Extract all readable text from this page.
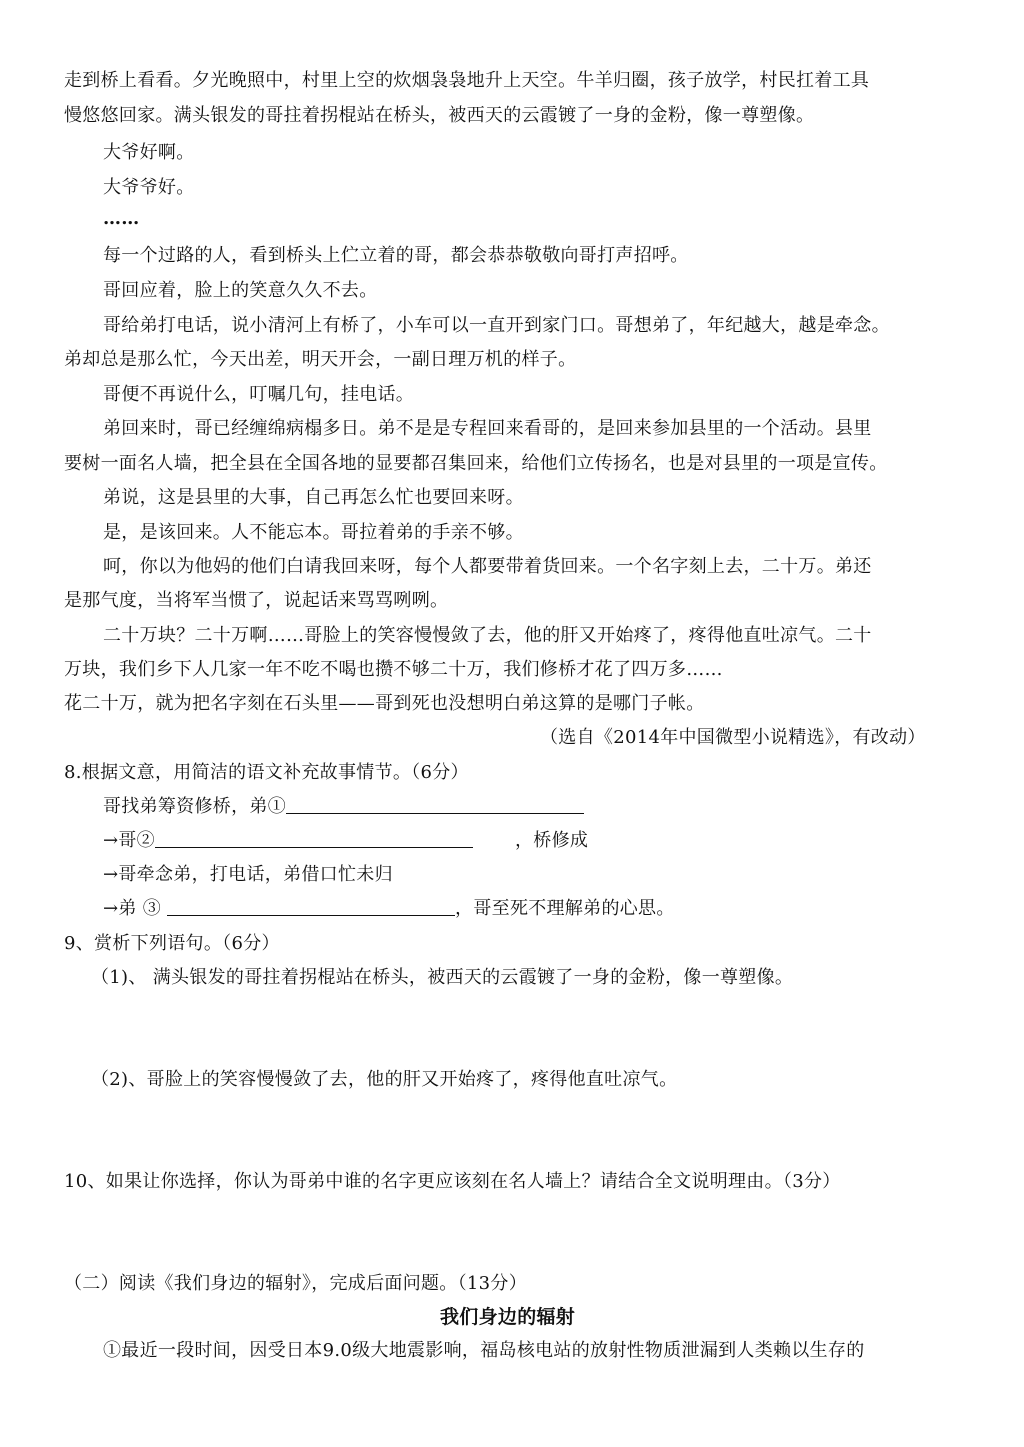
走到桥上看看。夕光晚照中，村里上空的炊烟袅袅地升上天空。牛羊归圈，孩子放学，村民扛着工具
慢悠悠回家。满头银发的哥拄着拐棍站在桥头，被西天的云霞镀了一身的金粉，像一尊塑像。
大爷好啊。
大爷爷好。
……
每一个过路的人，看到桥头上伫立着的哥，都会恭恭敬敬向哥打声招呼。
哥回应着，脸上的笑意久久不去。
哥给弟打电话，说小清河上有桥了，小车可以一直开到家门口。哥想弟了，年纪越大，越是牵念。
弟却总是那么忙，今天出差，明天开会，一副日理万机的样子。
哥便不再说什么，叮嘱几句，挂电话。
弟回来时，哥已经缠绵病榻多日。弟不是是专程回来看哥的，是回来参加县里的一个活动。县里
要树一面名人墙，把全县在全国各地的显要都召集回来，给他们立传扬名，也是对县里的一项是宣传。
弟说，这是县里的大事，自己再怎么忙也要回来呀。
是，是该回来。人不能忘本。哥拉着弟的手亲不够。
呵，你以为他妈的他们白请我回来呀，每个人都要带着货回来。一个名字刻上去，二十万。弟还
是那气度，当将军当惯了，说起话来骂骂咧咧。
二十万块？二十万啊……哥脸上的笑容慢慢敛了去，他的肝又开始疼了，疼得他直吐凉气。二十
万块，我们乡下人几家一年不吃不喝也攒不够二十万，我们修桥才花了四万多……
花二十万，就为把名字刻在石头里——哥到死也没想明白弟这算的是哪门子帐。
（选自《2014年中国微型小说精选》，有改动）
8.根据文意，用简洁的语文补充故事情节。（6分）
哥找弟筹资修桥，弟①
→哥②	，桥修成
→哥牵念弟，打电话，弟借口忙未归
→弟 ③	，哥至死不理解弟的心思。
9、赏析下列语句。（6分）
（1)、 满头银发的哥拄着拐棍站在桥头，被西天的云霞镀了一身的金粉，像一尊塑像。
（2)、哥脸上的笑容慢慢敛了去，他的肝又开始疼了，疼得他直吐凉气。
10、如果让你选择，你认为哥弟中谁的名字更应该刻在名人墙上？请结合全文说明理由。（3分）
（二）阅读《我们身边的辐射》，完成后面问题。（13分）
我们身边的辐射
①最近一段时间，因受日本9.0级大地震影响，福岛核电站的放射性物质泄漏到人类赖以生存的
